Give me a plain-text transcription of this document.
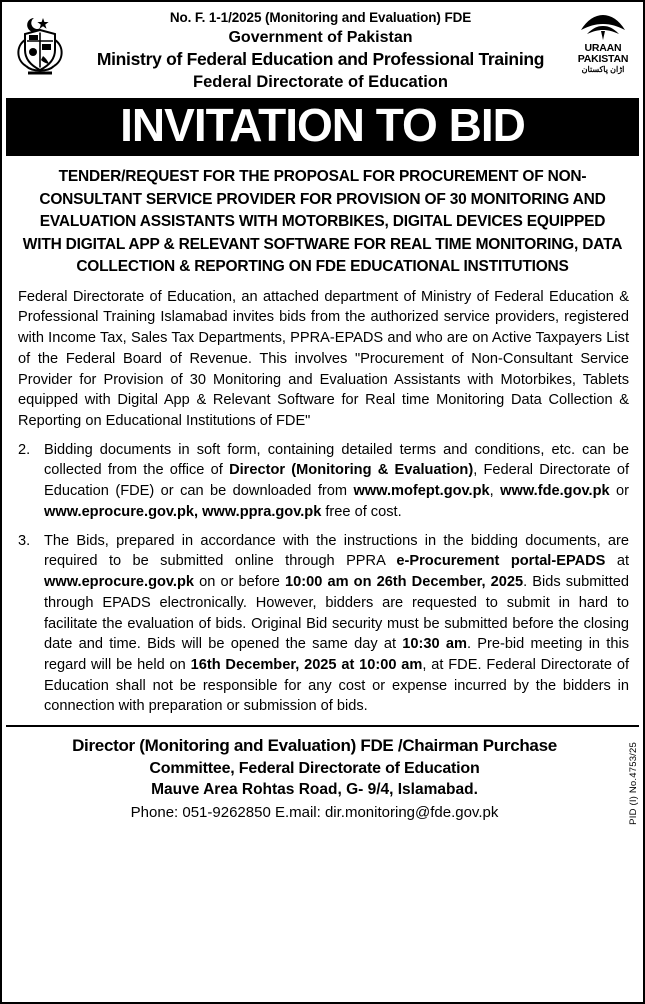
No. F. 1-1/2025 (Monitoring and Evaluation) FDE
Government of Pakistan
Ministry of Federal Education and Professional Training
Federal Directorate of Education
URAAN
PAKISTAN
اڑان پاکستان
INVITATION TO BID
TENDER/REQUEST FOR THE PROPOSAL FOR PROCUREMENT OF NON- CONSULTANT SERVICE PROVIDER FOR PROVISION OF 30 MONITORING AND EVALUATION ASSISTANTS WITH MOTORBIKES, DIGITAL DEVICES EQUIPPED WITH DIGITAL APP & RELEVANT SOFTWARE FOR REAL TIME MONITORING, DATA COLLECTION & REPORTING ON FDE EDUCATIONAL INSTITUTIONS
Federal Directorate of Education, an attached department of Ministry of Federal Education & Professional Training Islamabad invites bids from the authorized service providers, registered with Income Tax, Sales Tax Departments, PPRA-EPADS and who are on Active Taxpayers List of the Federal Board of Revenue. This involves "Procurement of Non-Consultant Service Provider for Provision of 30 Monitoring and Evaluation Assistants with Motorbikes, Tablets equipped with Digital App & Relevant Software for Real time Monitoring Data Collection & Reporting on Educational Institutions of FDE"
2. Bidding documents in soft form, containing detailed terms and conditions, etc. can be collected from the office of Director (Monitoring & Evaluation), Federal Directorate of Education (FDE) or can be downloaded from www.mofept.gov.pk, www.fde.gov.pk or www.eprocure.gov.pk, www.ppra.gov.pk free of cost.
3. The Bids, prepared in accordance with the instructions in the bidding documents, are required to be submitted online through PPRA e-Procurement portal-EPADS at www.eprocure.gov.pk on or before 10:00 am on 26th December, 2025. Bids submitted through EPADS electronically. However, bidders are requested to submit in hard to facilitate the evaluation of bids. Original Bid security must be submitted before the closing date and time. Bids will be opened the same day at 10:30 am. Pre-bid meeting in this regard will be held on 16th December, 2025 at 10:00 am, at FDE. Federal Directorate of Education shall not be responsible for any cost or expense incurred by the bidders in connection with preparation or submission of bids.
Director (Monitoring and Evaluation) FDE /Chairman Purchase
Committee, Federal Directorate of Education
Mauve Area Rohtas Road, G- 9/4, Islamabad.
Phone: 051-9262850 E.mail: dir.monitoring@fde.gov.pk	PID (I) No.4753/25
